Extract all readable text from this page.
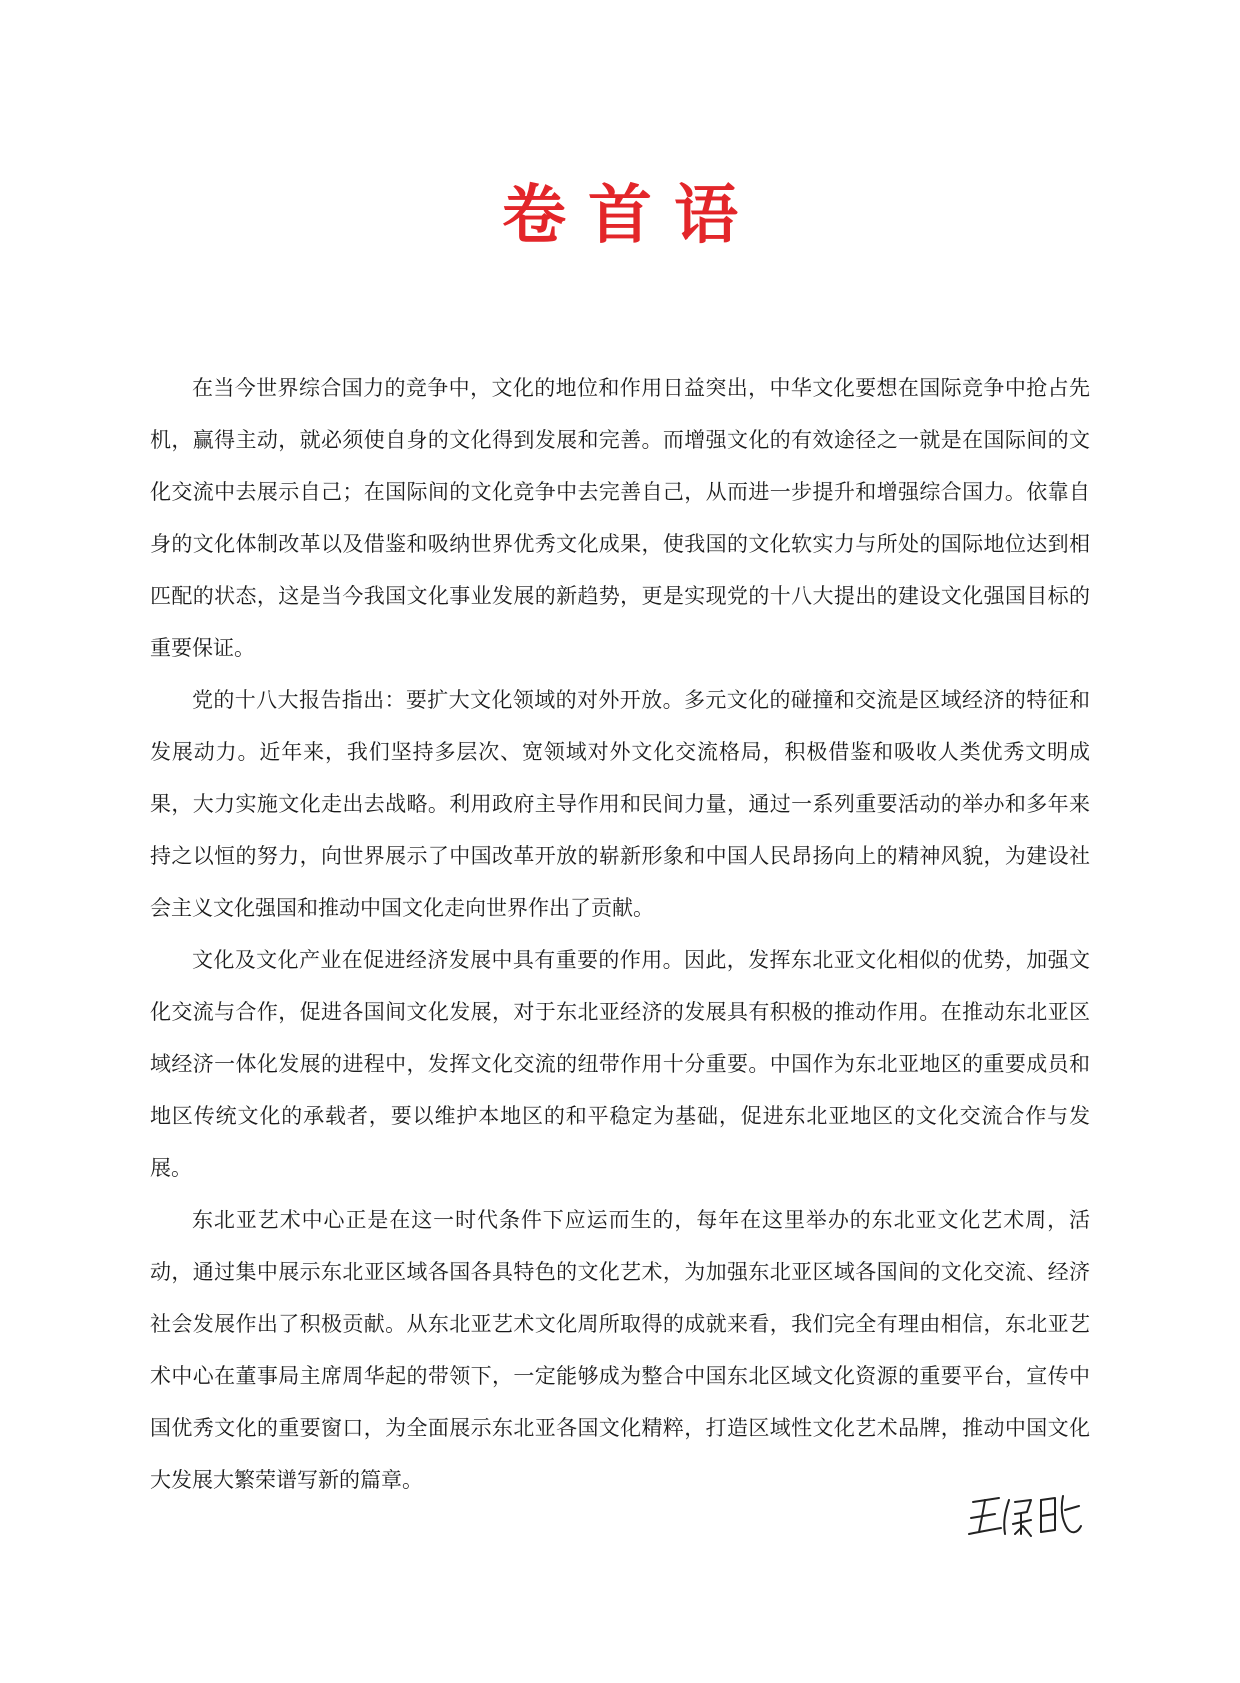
卷首语

在当今世界综合国力的竞争中，文化的地位和作用日益突出，中华文化要想在国际竞争中抢占先机，赢得主动，就必须使自身的文化得到发展和完善。而增强文化的有效途径之一就是在国际间的文化交流中去展示自己；在国际间的文化竞争中去完善自己，从而进一步提升和增强综合国力。依靠自身的文化体制改革以及借鉴和吸纳世界优秀文化成果，使我国的文化软实力与所处的国际地位达到相匹配的状态，这是当今我国文化事业发展的新趋势，更是实现党的十八大提出的建设文化强国目标的重要保证。

党的十八大报告指出：要扩大文化领域的对外开放。多元文化的碰撞和交流是区域经济的特征和发展动力。近年来，我们坚持多层次、宽领域对外文化交流格局，积极借鉴和吸收人类优秀文明成果，大力实施文化走出去战略。利用政府主导作用和民间力量，通过一系列重要活动的举办和多年来持之以恒的努力，向世界展示了中国改革开放的崭新形象和中国人民昂扬向上的精神风貌，为建设社会主义文化强国和推动中国文化走向世界作出了贡献。

文化及文化产业在促进经济发展中具有重要的作用。因此，发挥东北亚文化相似的优势，加强文化交流与合作，促进各国间文化发展，对于东北亚经济的发展具有积极的推动作用。在推动东北亚区域经济一体化发展的进程中，发挥文化交流的纽带作用十分重要。中国作为东北亚地区的重要成员和地区传统文化的承载者，要以维护本地区的和平稳定为基础，促进东北亚地区的文化交流合作与发展。

东北亚艺术中心正是在这一时代条件下应运而生的，每年在这里举办的东北亚文化艺术周，活动，通过集中展示东北亚区域各国各具特色的文化艺术，为加强东北亚区域各国间的文化交流、经济社会发展作出了积极贡献。从东北亚艺术文化周所取得的成就来看，我们完全有理由相信，东北亚艺术中心在董事局主席周华起的带领下，一定能够成为整合中国东北区域文化资源的重要平台，宣传中国优秀文化的重要窗口，为全面展示东北亚各国文化精粹，打造区域性文化艺术品牌，推动中国文化大发展大繁荣谱写新的篇章。
